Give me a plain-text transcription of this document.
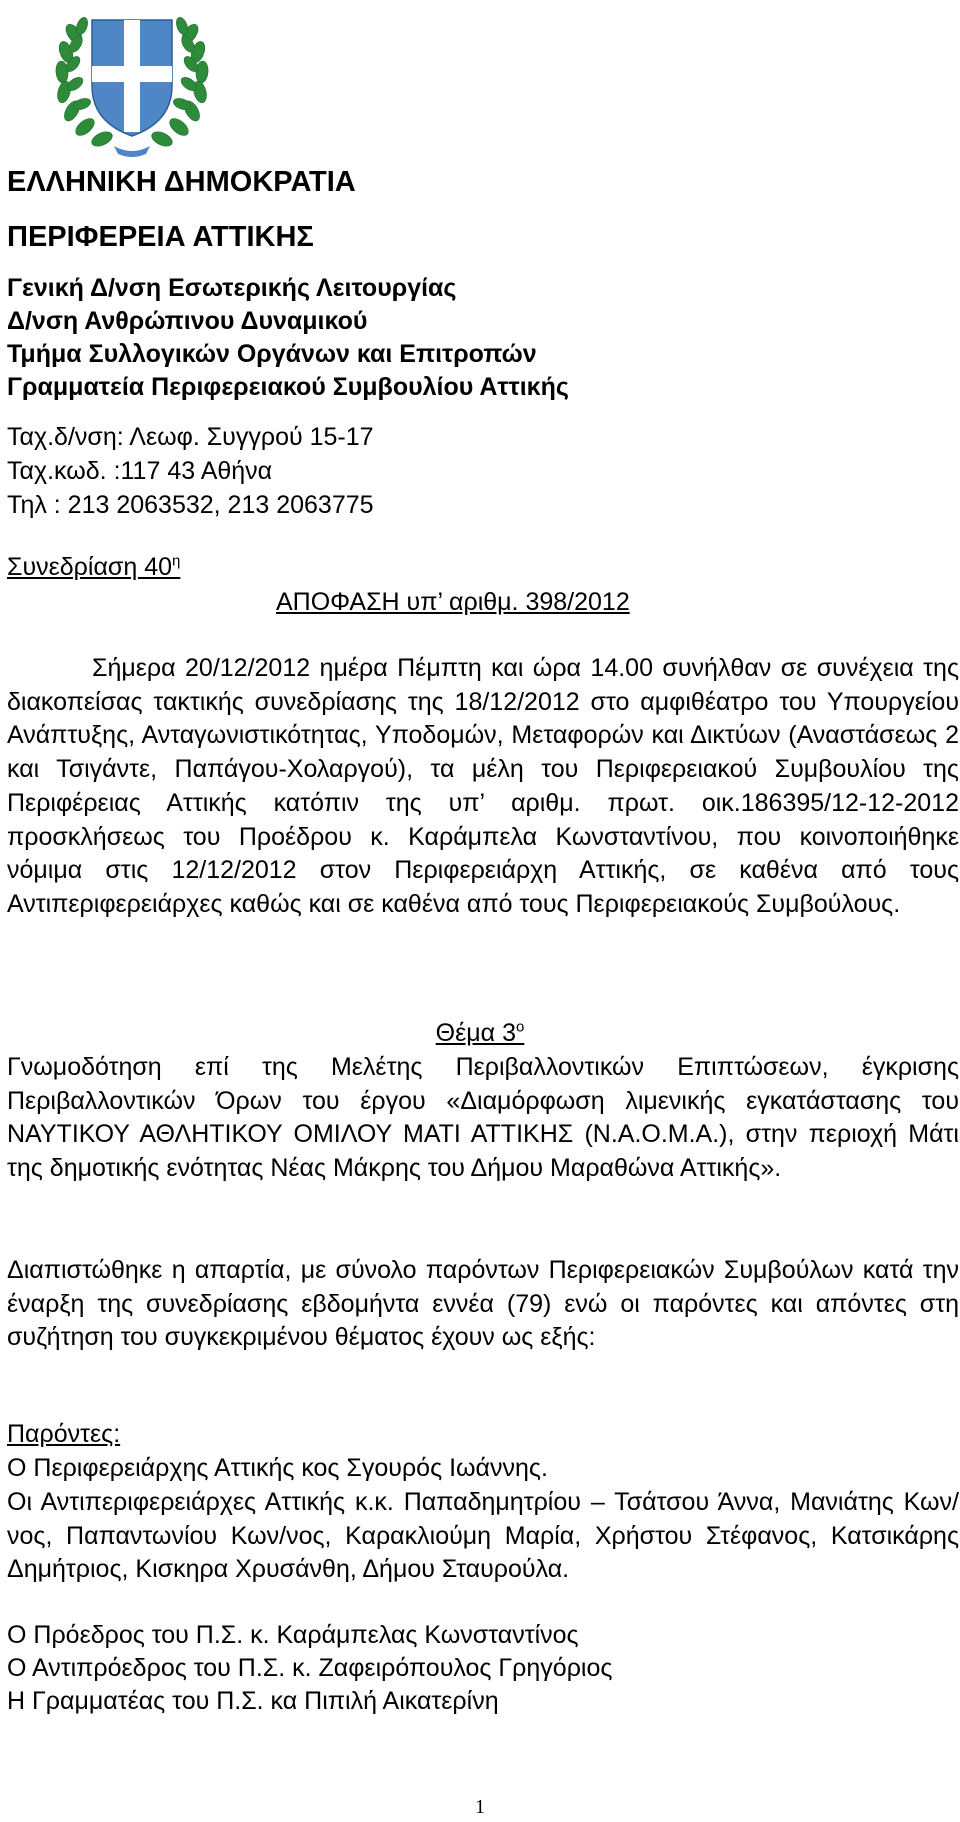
ΕΛΛΗΝΙΚΗ ΔΗΜΟΚΡΑΤΙΑ
ΠΕΡΙΦΕΡΕΙΑ ΑΤΤΙΚΗΣ
Γενική Δ/νση Εσωτερικής Λειτουργίας
Δ/νση Ανθρώπινου Δυναμικού
Τμήμα Συλλογικών Οργάνων και Επιτροπών
Γραμματεία Περιφερειακού Συμβουλίου Αττικής
Ταχ.δ/νση: Λεωφ. Συγγρού 15-17
Ταχ.κωδ. :117 43 Αθήνα
Τηλ : 213 2063532, 213 2063775
Συνεδρίαση $40^\eta$
ΑΠΟΦΑΣΗ υπ’ αριθμ. 398/2012

Σήμερα 20/12/2012 ημέρα Πέμπτη και ώρα 14.00 συνήλθαν σε συνέχεια της διακοπείσας τακτικής συνεδρίασης της 18/12/2012 στο αμφιθέατρο του Υπουργείου Ανάπτυξης, Ανταγωνιστικότητας, Υποδομών, Μεταφορών και Δικτύων (Αναστάσεως 2 και Τσιγάντε, Παπάγου-Χολαργού), τα μέλη του Περιφερειακού Συμβουλίου της Περιφέρειας Αττικής κατόπιν της υπ’ αριθμ. πρωτ. οικ.186395/12-12-2012 προσκλήσεως του Προέδρου κ. Καράμπελα Κωνσταντίνου, που κοινοποιήθηκε νόμιμα στις 12/12/2012 στον Περιφερειάρχη Αττικής, σε καθένα από τους Αντιπεριφερειάρχες καθώς και σε καθένα από τους Περιφερειακούς Συμβούλους.

Θέμα $3^o$

Γνωμοδότηση επί της Μελέτης Περιβαλλοντικών Επιπτώσεων, έγκρισης Περιβαλλοντικών Όρων του έργου «Διαμόρφωση λιμενικής εγκατάστασης του ΝΑΥΤΙΚΟΥ ΑΘΛΗΤΙΚΟΥ ΟΜΙΛΟΥ ΜΑΤΙ ΑΤΤΙΚΗΣ (Ν.Α.Ο.Μ.Α.), στην περιοχή Μάτι της δημοτικής ενότητας Νέας Μάκρης του Δήμου Μαραθώνα Αττικής».

Διαπιστώθηκε η απαρτία, με σύνολο παρόντων Περιφερειακών Συμβούλων κατά την έναρξη της συνεδρίασης εβδομήντα εννέα (79) ενώ οι παρόντες και απόντες στη συζήτηση του συγκεκριμένου θέματος έχουν ως εξής:

Παρόντες:
Ο Περιφερειάρχης Αττικής κος Σγουρός Ιωάννης.

Οι Αντιπεριφερειάρχες Αττικής κ.κ. Παπαδημητρίου – Τσάτσου Άννα, Μανιάτης Κων/νος, Παπαντωνίου Κων/νος, Καρακλιούμη Μαρία, Χρήστου Στέφανος, Κατσικάρης Δημήτριος, Κισκηρα Χρυσάνθη, Δήμου Σταυρούλα.

Ο Πρόεδρος του Π.Σ. κ. Καράμπελας Κωνσταντίνος
Ο Αντιπρόεδρος του Π.Σ. κ. Ζαφειρόπουλος Γρηγόριος
Η Γραμματέας του Π.Σ. κα Πιπιλή Αικατερίνη
1
